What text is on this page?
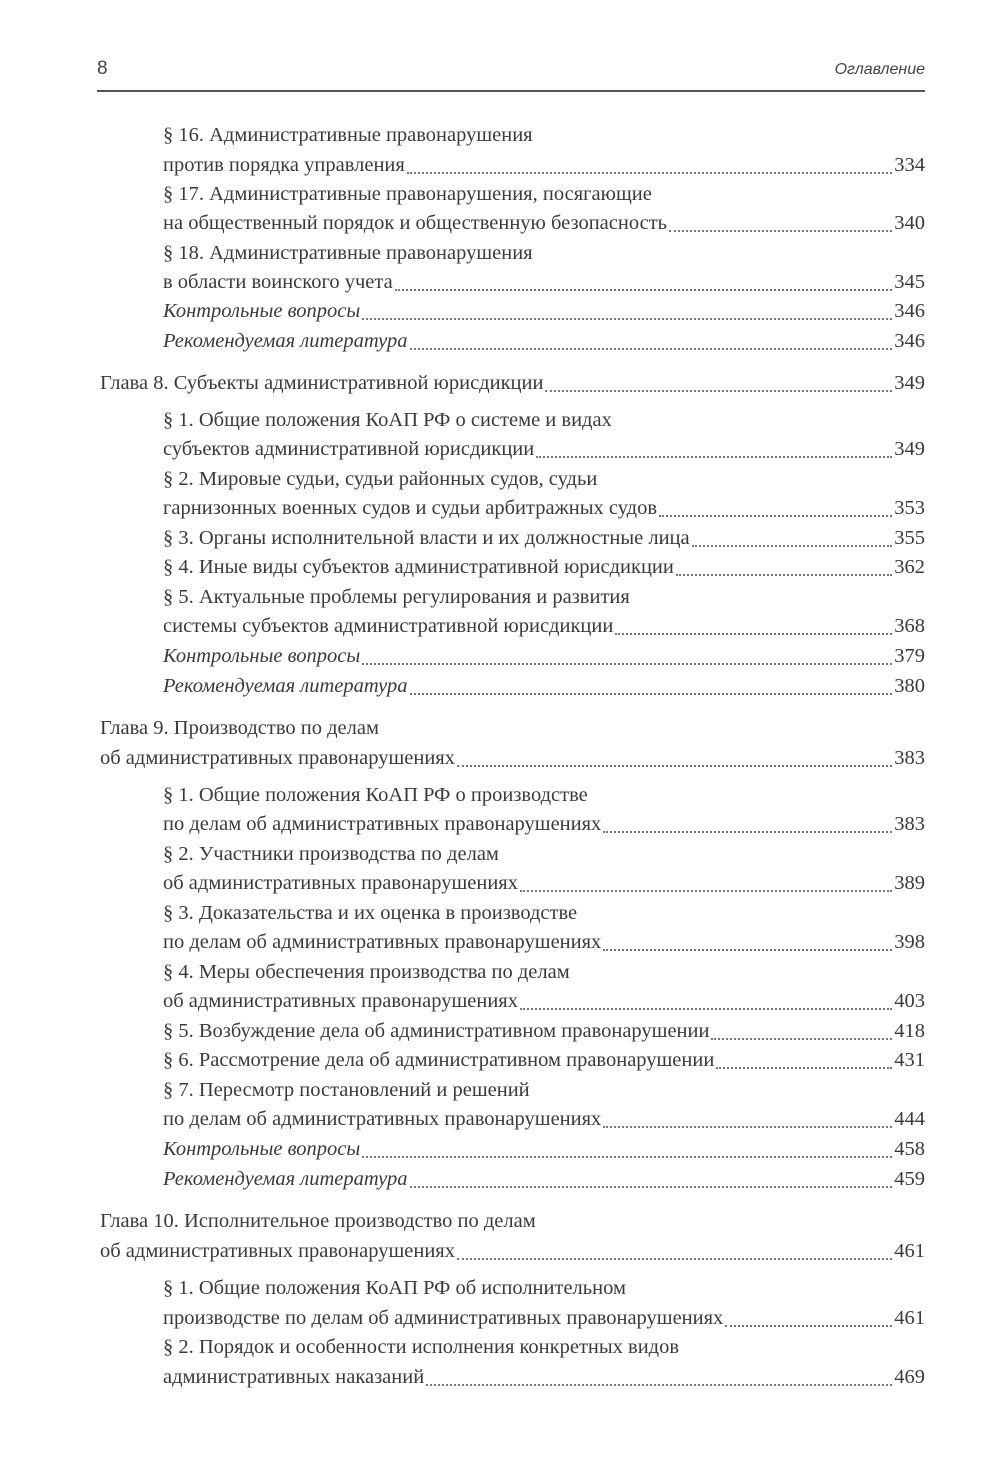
8	Оглавление
§ 16. Административные правонарушения
против порядка управления	334
§ 17. Административные правонарушения, посягающие
на общественный порядок и общественную безопасность	340
§ 18. Административные правонарушения
в области воинского учета	345
Контрольные вопросы	346
Рекомендуемая литература	346
Глава 8. Субъекты административной юрисдикции	349
§ 1. Общие положения КоАП РФ о системе и видах
субъектов административной юрисдикции	349
§ 2. Мировые судьи, судьи районных судов, судьи
гарнизонных военных судов и судьи арбитражных судов	353
§ 3. Органы исполнительной власти и их должностные лица	355
§ 4. Иные виды субъектов административной юрисдикции	362
§ 5. Актуальные проблемы регулирования и развития
системы субъектов административной юрисдикции	368
Контрольные вопросы	379
Рекомендуемая литература	380
Глава 9. Производство по делам
об административных правонарушениях	383
§ 1. Общие положения КоАП РФ о производстве
по делам об административных правонарушениях	383
§ 2. Участники производства по делам
об административных правонарушениях	389
§ 3. Доказательства и их оценка в производстве
по делам об административных правонарушениях	398
§ 4. Меры обеспечения производства по делам
об административных правонарушениях	403
§ 5. Возбуждение дела об административном правонарушении	418
§ 6. Рассмотрение дела об административном правонарушении	431
§ 7. Пересмотр постановлений и решений
по делам об административных правонарушениях	444
Контрольные вопросы	458
Рекомендуемая литература	459
Глава 10. Исполнительное производство по делам
об административных правонарушениях	461
§ 1. Общие положения КоАП РФ об исполнительном
производстве по делам об административных правонарушениях	461
§ 2. Порядок и особенности исполнения конкретных видов
административных наказаний	469
